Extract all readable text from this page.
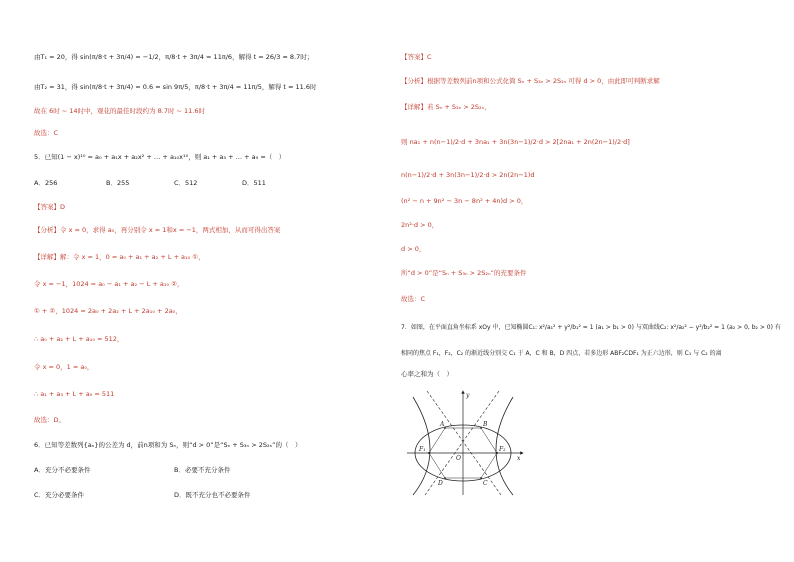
由T₁ = 20，得 sin(π/8·t + 3π/4) = −1/2，π/8·t + 3π/4 = 11π/6，解得 t = 26/3 ≈ 8.7时；
由T₂ = 31，得 sin(π/8·t + 3π/4) = 0.6 ≈ sin 9π/5，π/8·t + 3π/4 = 11π/5，解得 t ≈ 11.6时
故在 6时 ~ 14时中，观花的最佳时段约为 8.7时 ~ 11.6时
故选：C
5．已知(1 − x)¹⁰ = a₀ + a₁x + a₂x² + … + a₁₀x¹⁰，则 a₁ + a₃ + … + a₉ =（　）
A．256	B．255	C．512	D．511
【答案】D
【分析】令 x = 0，求得 a₀，再分别令 x = 1和x = −1，两式相加，从而可得出答案
【详解】解：令 x = 1，0 = a₀ + a₁ + a₂ + L + a₁₀ ①，
令 x = −1，1024 = a₀ − a₁ + a₂ − L + a₁₀ ②，
① + ②，1024 = 2a₀ + 2a₂ + L + 2a₁₀ + 2a₀，
∴ a₀ + a₂ + L + a₁₀ = 512，
令 x = 0，1 = a₀，
∴ a₁ + a₃ + L + a₉ = 511
故选：D。
6．已知等差数列{aₙ}的公差为 d，前n项和为 Sₙ，则“d > 0”是“Sₙ + S₃ₙ > 2S₂ₙ”的（　）
A．充分不必要条件	B．必要不充分条件
C．充分必要条件	D．既不充分也不必要条件
【答案】C
【分析】根据等差数列前n项和公式化简 Sₙ + S₃ₙ > 2S₂ₙ 可得 d > 0，由此即可判断求解
【详解】若 Sₙ + S₃ₙ > 2S₂ₙ，
则 na₁ + n(n−1)/2·d + 3na₁ + 3n(3n−1)/2·d > 2[2na₁ + 2n(2n−1)/2·d]
n(n−1)/2·d + 3n(3n−1)/2·d > 2n(2n−1)d
(n² − n + 9n² − 3n − 8n² + 4n)d > 0，
2n²·d > 0，
d > 0，
所“d > 0”是“Sₙ + S₃ₙ > 2S₂ₙ”的充要条件
故选：C
7．如图，在平面直角坐标系 xOy 中，已知椭圆C₁: x²/a₁² + y²/b₁² = 1 (a₁ > b₁ > 0) 与双曲线C₂: x²/a₂² − y²/b₂² = 1 (a₂ > 0, b₂ > 0) 有
相同的焦点 F₁，F₂，C₂ 的渐近线分别交 C₁ 于 A，C 和 B，D 四点，若多边形 ABF₂CDF₁ 为正六边形，则 C₁ 与 C₂ 的离
心率之和为（　）
y
x
O
A	B
C
D
F₁	F₂
